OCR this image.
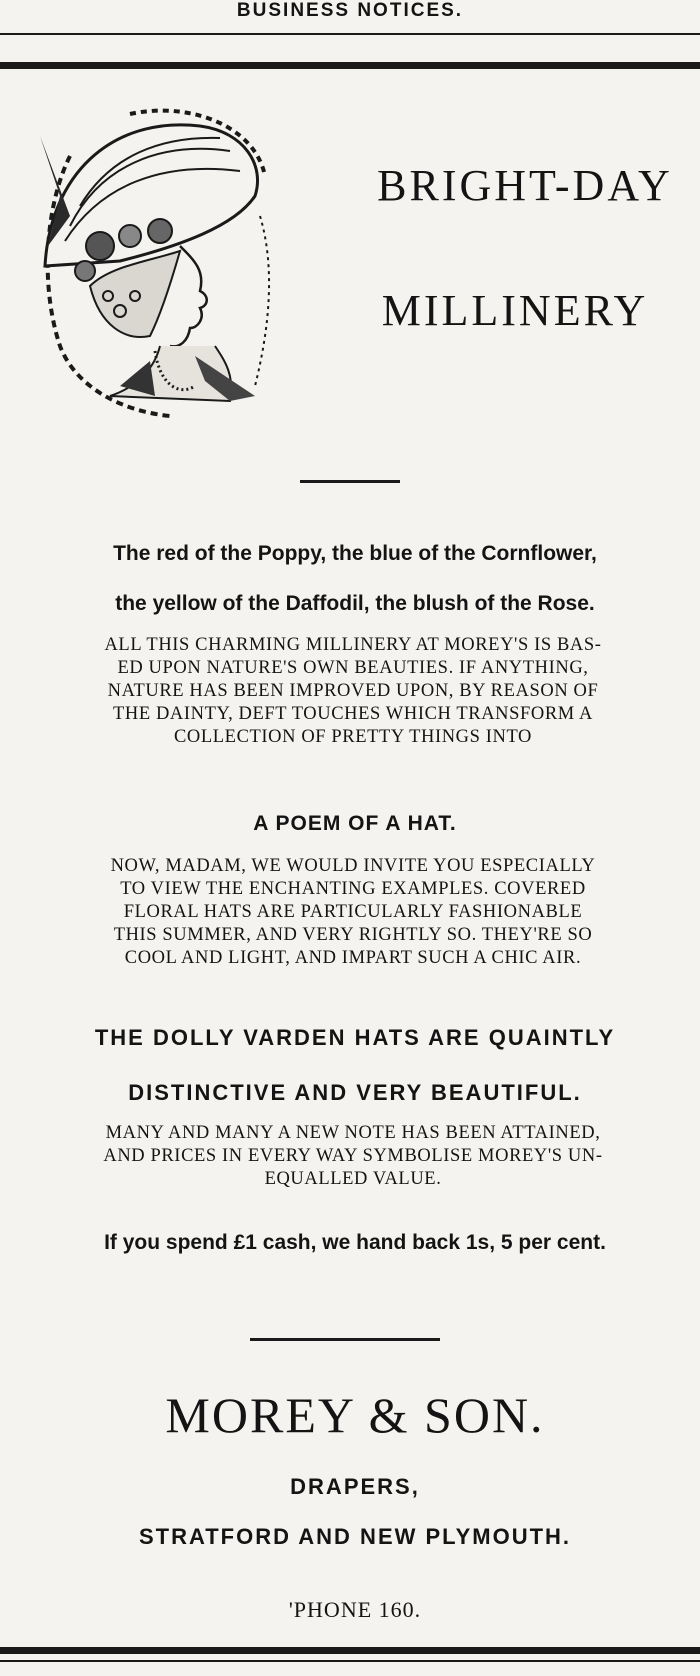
BUSINESS NOTICES.
BRIGHT-DAY
MILLINERY
The red of the Poppy, the blue of the Cornflower,
the yellow of the Daffodil, the blush of the Rose.
ALL THIS CHARMING MILLINERY AT MOREY'S IS BAS-
ED UPON NATURE'S OWN BEAUTIES. IF ANYTHING,
NATURE HAS BEEN IMPROVED UPON, BY REASON OF
THE DAINTY, DEFT TOUCHES WHICH TRANSFORM A
COLLECTION OF PRETTY THINGS INTO
A POEM OF A HAT.
NOW, MADAM, WE WOULD INVITE YOU ESPECIALLY
TO VIEW THE ENCHANTING EXAMPLES. COVERED
FLORAL HATS ARE PARTICULARLY FASHIONABLE
THIS SUMMER, AND VERY RIGHTLY SO. THEY'RE SO
COOL AND LIGHT, AND IMPART SUCH A CHIC AIR.
THE DOLLY VARDEN HATS ARE QUAINTLY
DISTINCTIVE AND VERY BEAUTIFUL.
MANY AND MANY A NEW NOTE HAS BEEN ATTAINED,
AND PRICES IN EVERY WAY SYMBOLISE MOREY'S UN-
EQUALLED VALUE.
If you spend £1 cash, we hand back 1s, 5 per cent.
MOREY & SON.
DRAPERS,
STRATFORD AND NEW PLYMOUTH.
'PHONE 160.
